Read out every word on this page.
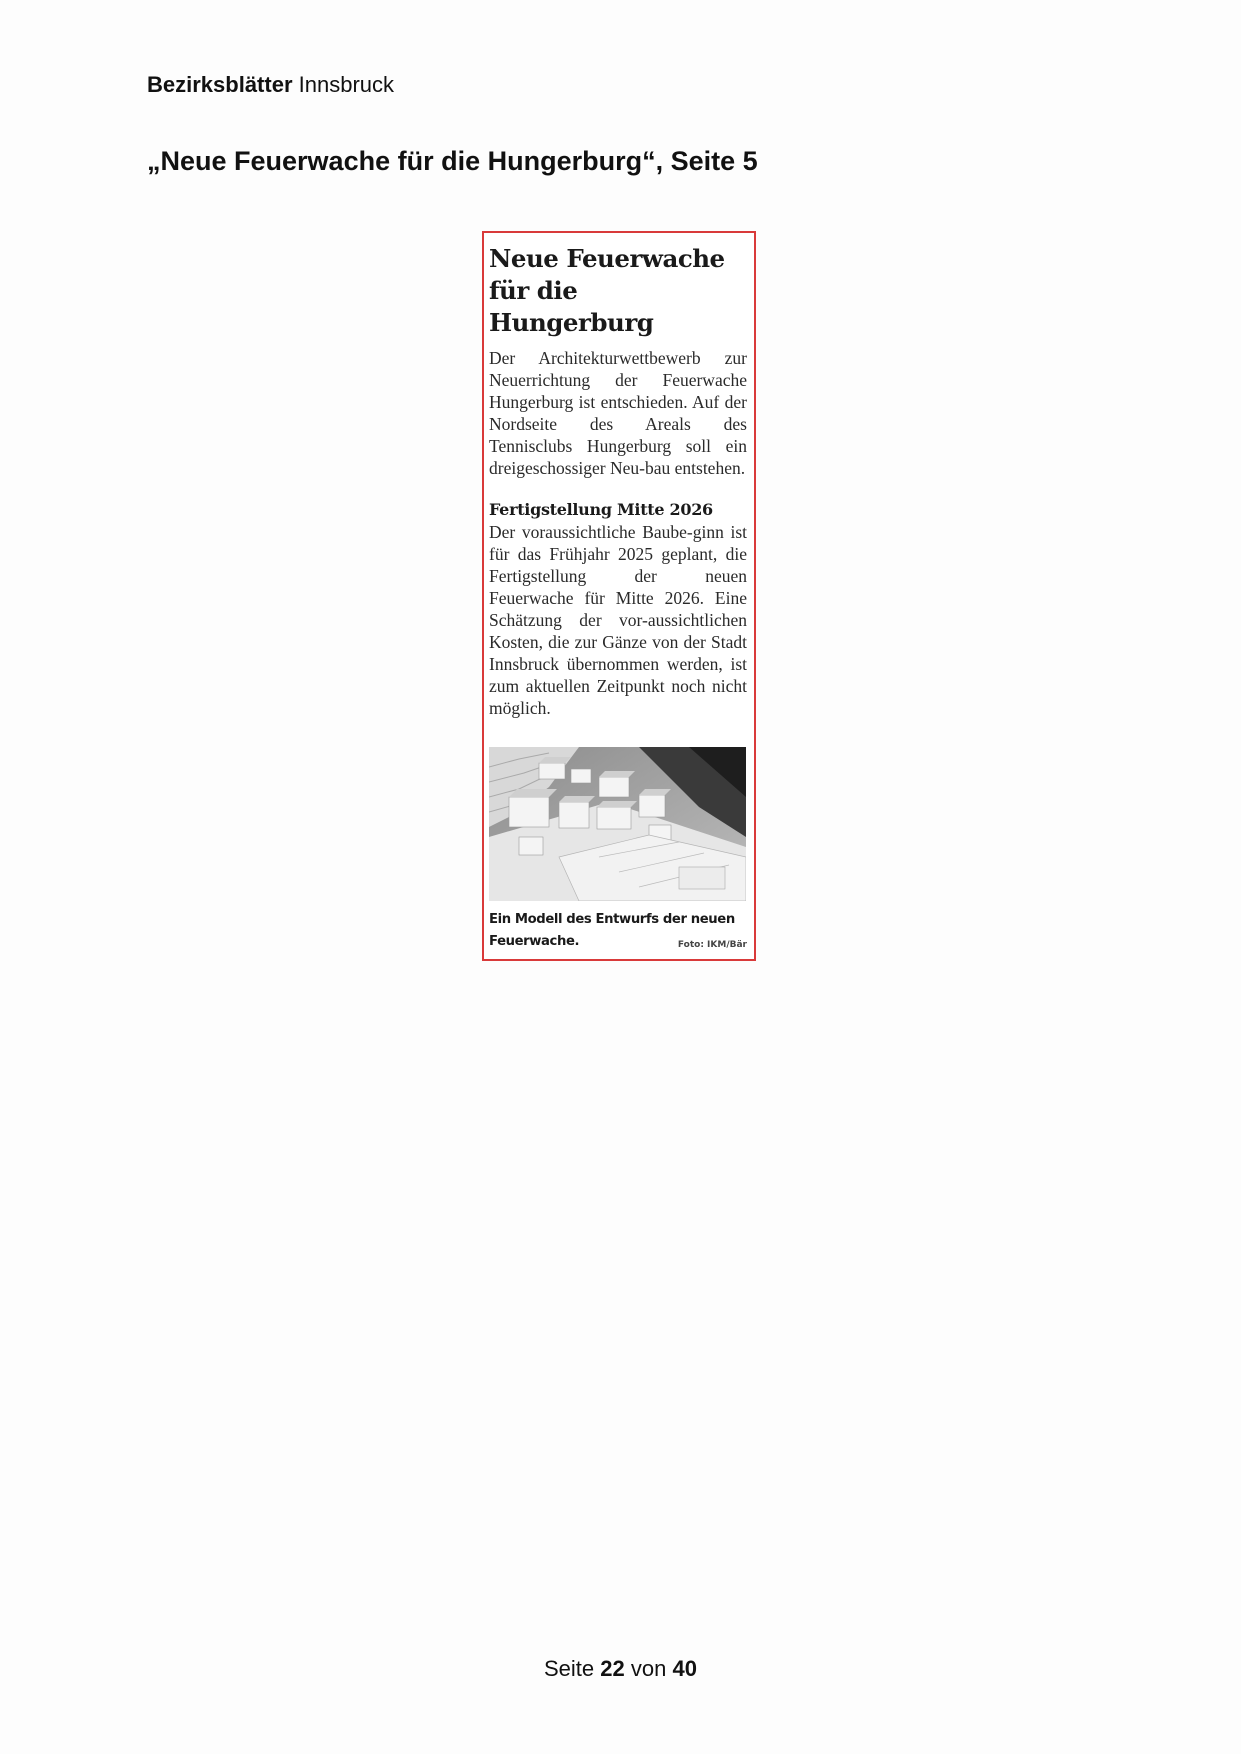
Bezirksblätter Innsbruck
„Neue Feuerwache für die Hungerburg“, Seite 5
Neue Feuerwache
für die Hungerburg

Der Architekturwettbewerb zur Neuerrichtung der Feuerwache Hungerburg ist entschieden. Auf der Nordseite des Areals des Tennisclubs Hungerburg soll ein dreigeschossiger Neu-bau entstehen.

Fertigstellung Mitte 2026

Der voraussichtliche Baube-ginn ist für das Frühjahr 2025 geplant, die Fertigstellung der neuen Feuerwache für Mitte 2026. Eine Schätzung der vor-aussichtlichen Kosten, die zur Gänze von der Stadt Innsbruck übernommen werden, ist zum aktuellen Zeitpunkt noch nicht möglich.

Ein Modell des Entwurfs der neuen Feuerwache.	Foto: IKM/Bär
Seite 22 von 40
